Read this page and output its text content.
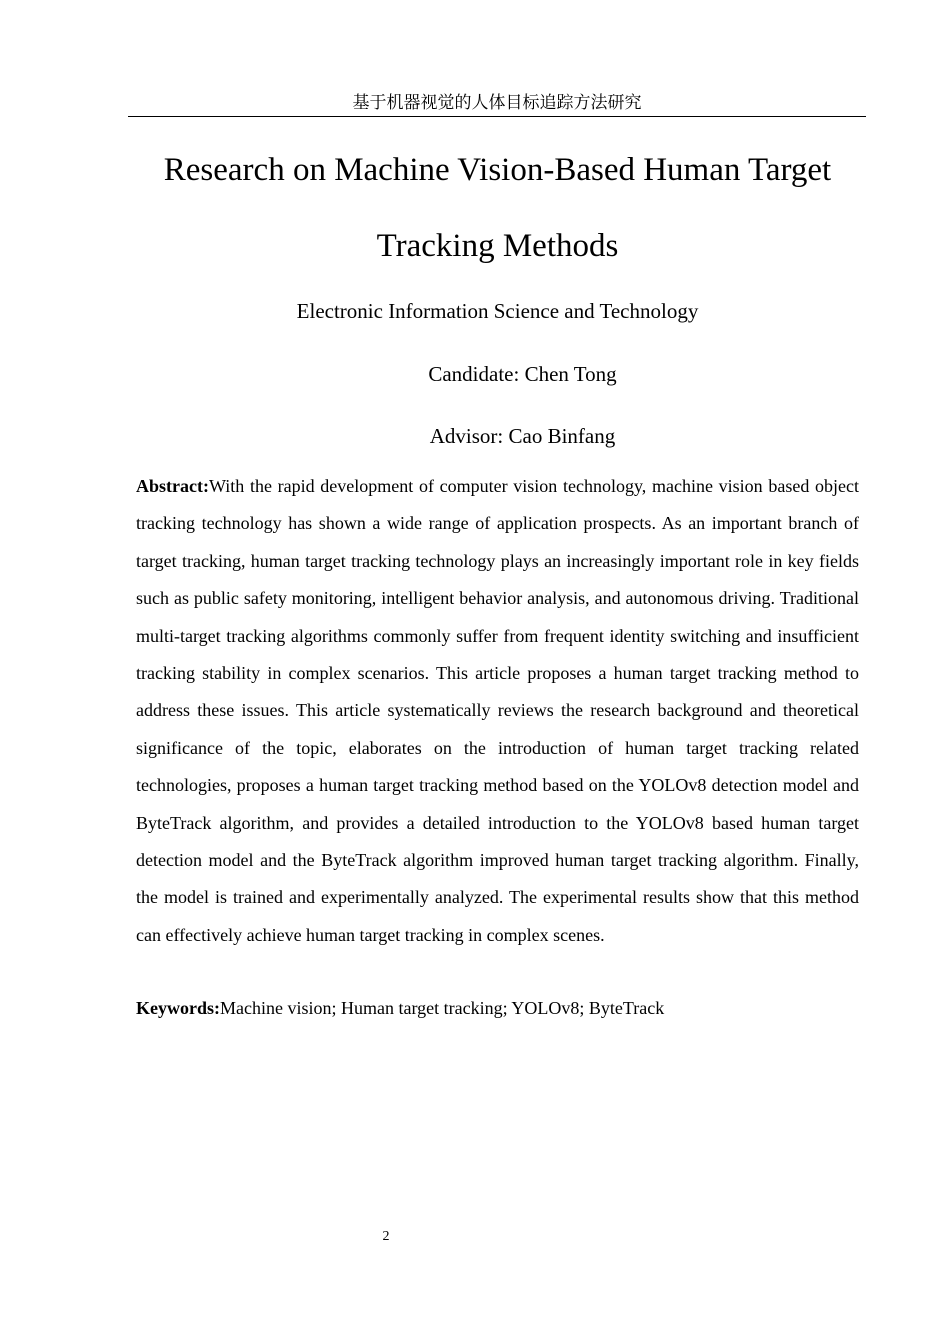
基于机器视觉的人体目标追踪方法研究
Research on Machine Vision-Based Human Target
Tracking Methods

Electronic Information Science and Technology

Candidate: Chen Tong

Advisor: Cao Binfang

Abstract:With the rapid development of computer vision technology, machine vision based object tracking technology has shown a wide range of application prospects. As an important branch of target tracking, human target tracking technology plays an increasingly important role in key fields such as public safety monitoring, intelligent behavior analysis, and autonomous driving. Traditional multi-target tracking algorithms commonly suffer from frequent identity switching and insufficient tracking stability in complex scenarios. This article proposes a human target tracking method to address these issues. This article systematically reviews the research background and theoretical significance of the topic, elaborates on the introduction of human target tracking related technologies, proposes a human target tracking method based on the YOLOv8 detection model and ByteTrack algorithm, and provides a detailed introduction to the YOLOv8 based human target detection model and the ByteTrack algorithm improved human target tracking algorithm. Finally, the model is trained and experimentally analyzed. The experimental results show that this method can effectively achieve human target tracking in complex scenes.

Keywords:Machine vision; Human target tracking; YOLOv8; ByteTrack

2
